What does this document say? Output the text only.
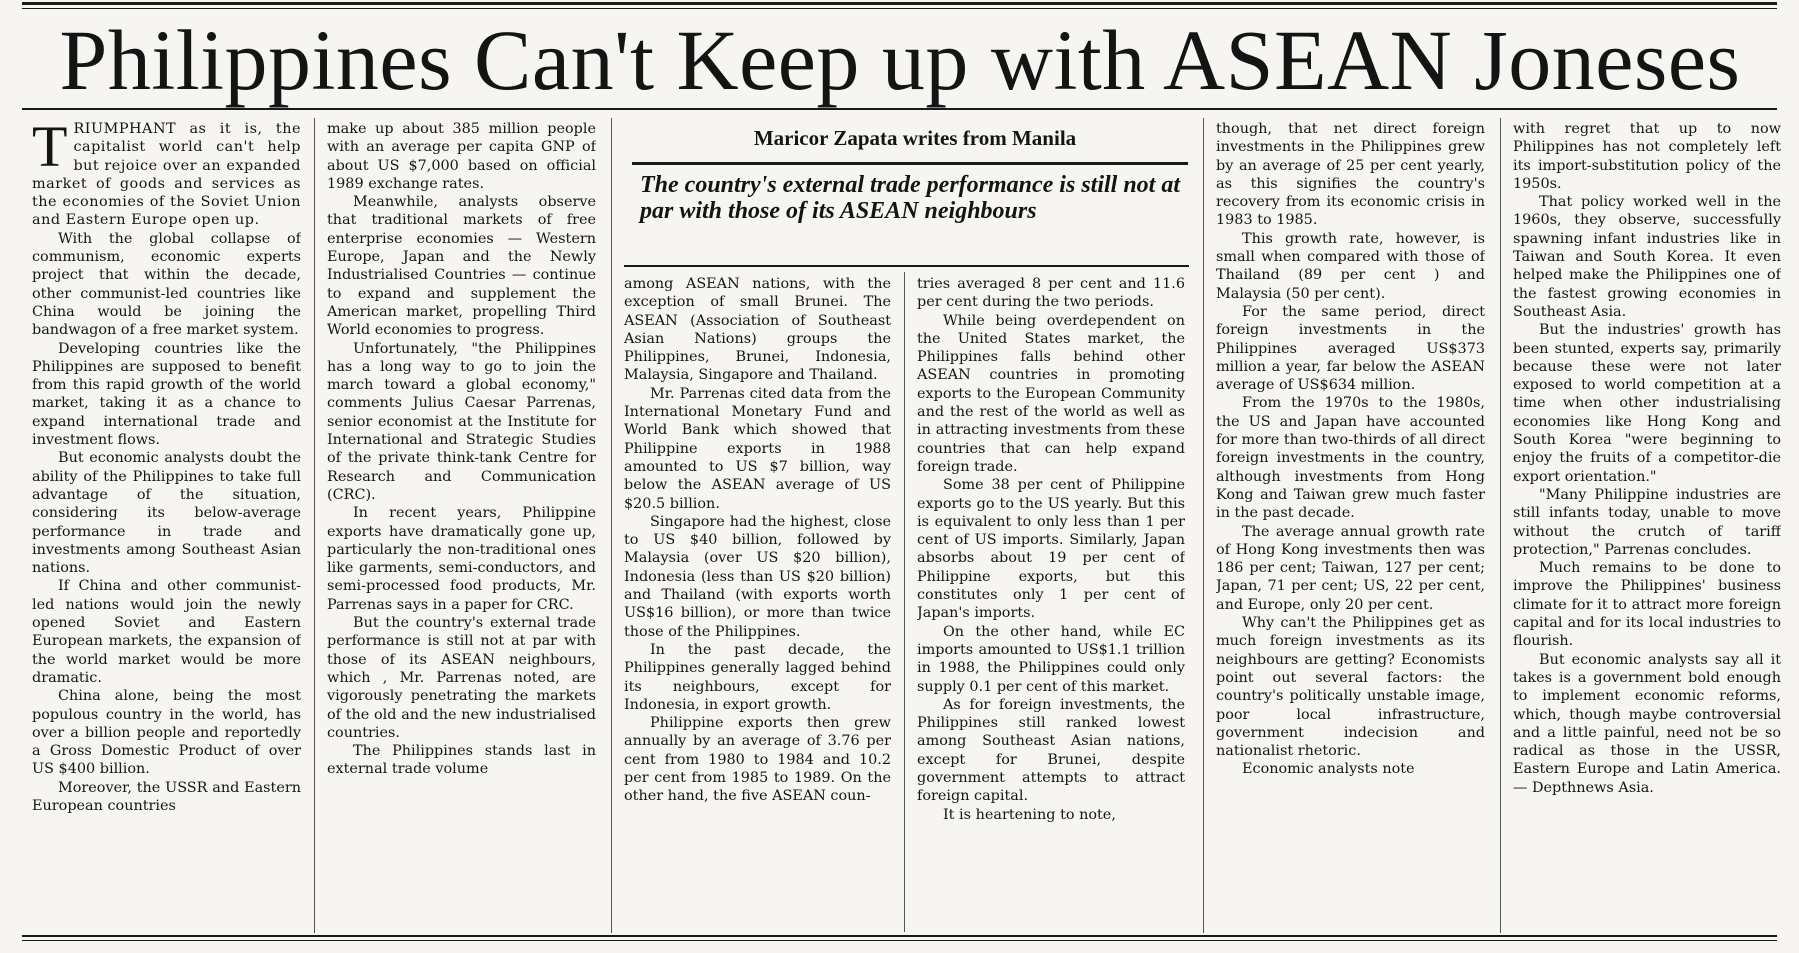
Philippines Can't Keep up with ASEAN Joneses
Maricor Zapata writes from Manila

The country's external trade performance is still not at par with those of its ASEAN neighbours

TRIUMPHANT as it is, the capitalist world can't help but rejoice over an expanded market of goods and services as the economies of the Soviet Union and Eastern Europe open up.

With the global collapse of communism, economic experts project that within the decade, other communist-led countries like China would be joining the bandwagon of a free market system.

Developing countries like the Philippines are supposed to benefit from this rapid growth of the world market, taking it as a chance to expand international trade and investment flows.

But economic analysts doubt the ability of the Philippines to take full advantage of the situation, considering its below-average performance in trade and investments among Southeast Asian nations.

If China and other communist-led nations would join the newly opened Soviet and Eastern European markets, the expansion of the world market would be more dramatic.

China alone, being the most populous country in the world, has over a billion people and reportedly a Gross Domestic Product of over US $400 billion.

Moreover, the USSR and Eastern European countries

make up about 385 million people with an average per capita GNP of about US $7,000 based on official 1989 exchange rates.

Meanwhile, analysts observe that traditional markets of free enterprise economies — Western Europe, Japan and the Newly Industrialised Countries — continue to expand and supplement the American market, propelling Third World economies to progress.

Unfortunately, "the Philippines has a long way to go to join the march toward a global economy," comments Julius Caesar Parrenas, senior economist at the Institute for International and Strategic Studies of the private think-tank Centre for Research and Communication (CRC).

In recent years, Philippine exports have dramatically gone up, particularly the non-traditional ones like garments, semi-conductors, and semi-processed food products, Mr. Parrenas says in a paper for CRC.

But the country's external trade performance is still not at par with those of its ASEAN neighbours, which , Mr. Parrenas noted, are vigorously penetrating the markets of the old and the new industrialised countries.

The Philippines stands last in external trade volume

among ASEAN nations, with the exception of small Brunei. The ASEAN (Association of Southeast Asian Nations) groups the Philippines, Brunei, Indonesia, Malaysia, Singapore and Thailand.

Mr. Parrenas cited data from the International Monetary Fund and World Bank which showed that Philippine exports in 1988 amounted to US $7 billion, way below the ASEAN average of US $20.5 billion.

Singapore had the highest, close to US $40 billion, followed by Malaysia (over US $20 billion), Indonesia (less than US $20 billion) and Thailand (with exports worth US$16 billion), or more than twice those of the Philippines.

In the past decade, the Philippines generally lagged behind its neighbours, except for Indonesia, in export growth.

Philippine exports then grew annually by an average of 3.76 per cent from 1980 to 1984 and 10.2 per cent from 1985 to 1989. On the other hand, the five ASEAN coun-

tries averaged 8 per cent and 11.6 per cent during the two periods.

While being overdependent on the United States market, the Philippines falls behind other ASEAN countries in promoting exports to the European Community and the rest of the world as well as in attracting investments from these countries that can help expand foreign trade.

Some 38 per cent of Philippine exports go to the US yearly. But this is equivalent to only less than 1 per cent of US imports. Similarly, Japan absorbs about 19 per cent of Philippine exports, but this constitutes only 1 per cent of Japan's imports.

On the other hand, while EC imports amounted to US$1.1 trillion in 1988, the Philippines could only supply 0.1 per cent of this market.

As for foreign investments, the Philippines still ranked lowest among Southeast Asian nations, except for Brunei, despite government attempts to attract foreign capital.

It is heartening to note,

though, that net direct foreign investments in the Philippines grew by an average of 25 per cent yearly, as this signifies the country's recovery from its economic crisis in 1983 to 1985.

This growth rate, however, is small when compared with those of Thailand (89 per cent ) and Malaysia (50 per cent).

For the same period, direct foreign investments in the Philippines averaged US$373 million a year, far below the ASEAN average of US$634 million.

From the 1970s to the 1980s, the US and Japan have accounted for more than two-thirds of all direct foreign investments in the country, although investments from Hong Kong and Taiwan grew much faster in the past decade.

The average annual growth rate of Hong Kong investments then was 186 per cent; Taiwan, 127 per cent; Japan, 71 per cent; US, 22 per cent, and Europe, only 20 per cent.

Why can't the Philippines get as much foreign investments as its neighbours are getting? Economists point out several factors: the country's politically unstable image, poor local infrastructure, government indecision and nationalist rhetoric.

Economic analysts note

with regret that up to now Philippines has not completely left its import-substitution policy of the 1950s.

That policy worked well in the 1960s, they observe, successfully spawning infant industries like in Taiwan and South Korea. It even helped make the Philippines one of the fastest growing economies in Southeast Asia.

But the industries' growth has been stunted, experts say, primarily because these were not later exposed to world competition at a time when other industrialising economies like Hong Kong and South Korea "were beginning to enjoy the fruits of a competitor-die export orientation."

"Many Philippine industries are still infants today, unable to move without the crutch of tariff protection," Parrenas concludes.

Much remains to be done to improve the Philippines' business climate for it to attract more foreign capital and for its local industries to flourish.

But economic analysts say all it takes is a government bold enough to implement economic reforms, which, though maybe controversial and a little painful, need not be so radical as those in the USSR, Eastern Europe and Latin America. — Depthnews Asia.
